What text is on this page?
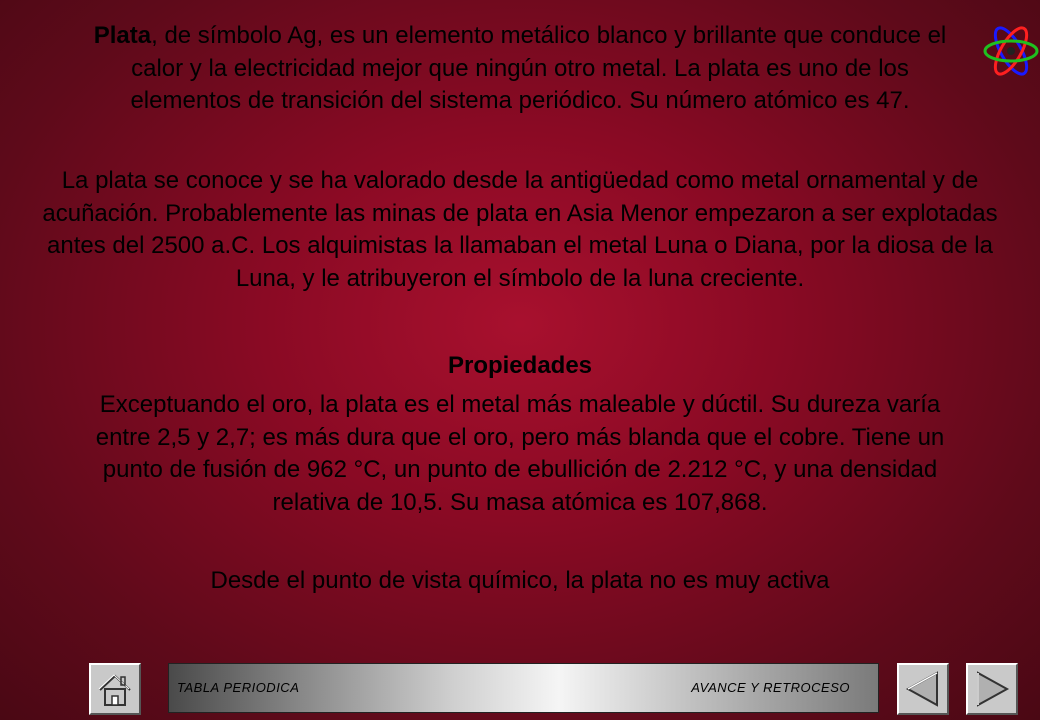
Plata, de símbolo Ag, es un elemento metálico blanco y brillante que conduce el calor y la electricidad mejor que ningún otro metal. La plata es uno de los elementos de transición del sistema periódico. Su número atómico es 47.

La plata se conoce y se ha valorado desde la antigüedad como metal ornamental y de acuñación. Probablemente las minas de plata en Asia Menor empezaron a ser explotadas antes del 2500 a.C. Los alquimistas la llamaban el metal Luna o Diana, por la diosa de la Luna, y le atribuyeron el símbolo de la luna creciente.

Propiedades

Exceptuando el oro, la plata es el metal más maleable y dúctil. Su dureza varía entre 2,5 y 2,7; es más dura que el oro, pero más blanda que el cobre. Tiene un punto de fusión de 962 °C, un punto de ebullición de 2.212 °C, y una densidad relativa de 10,5. Su masa atómica es 107,868.

Desde el punto de vista químico, la plata no es muy activa

TABLA PERIODICA	AVANCE Y RETROCESO
